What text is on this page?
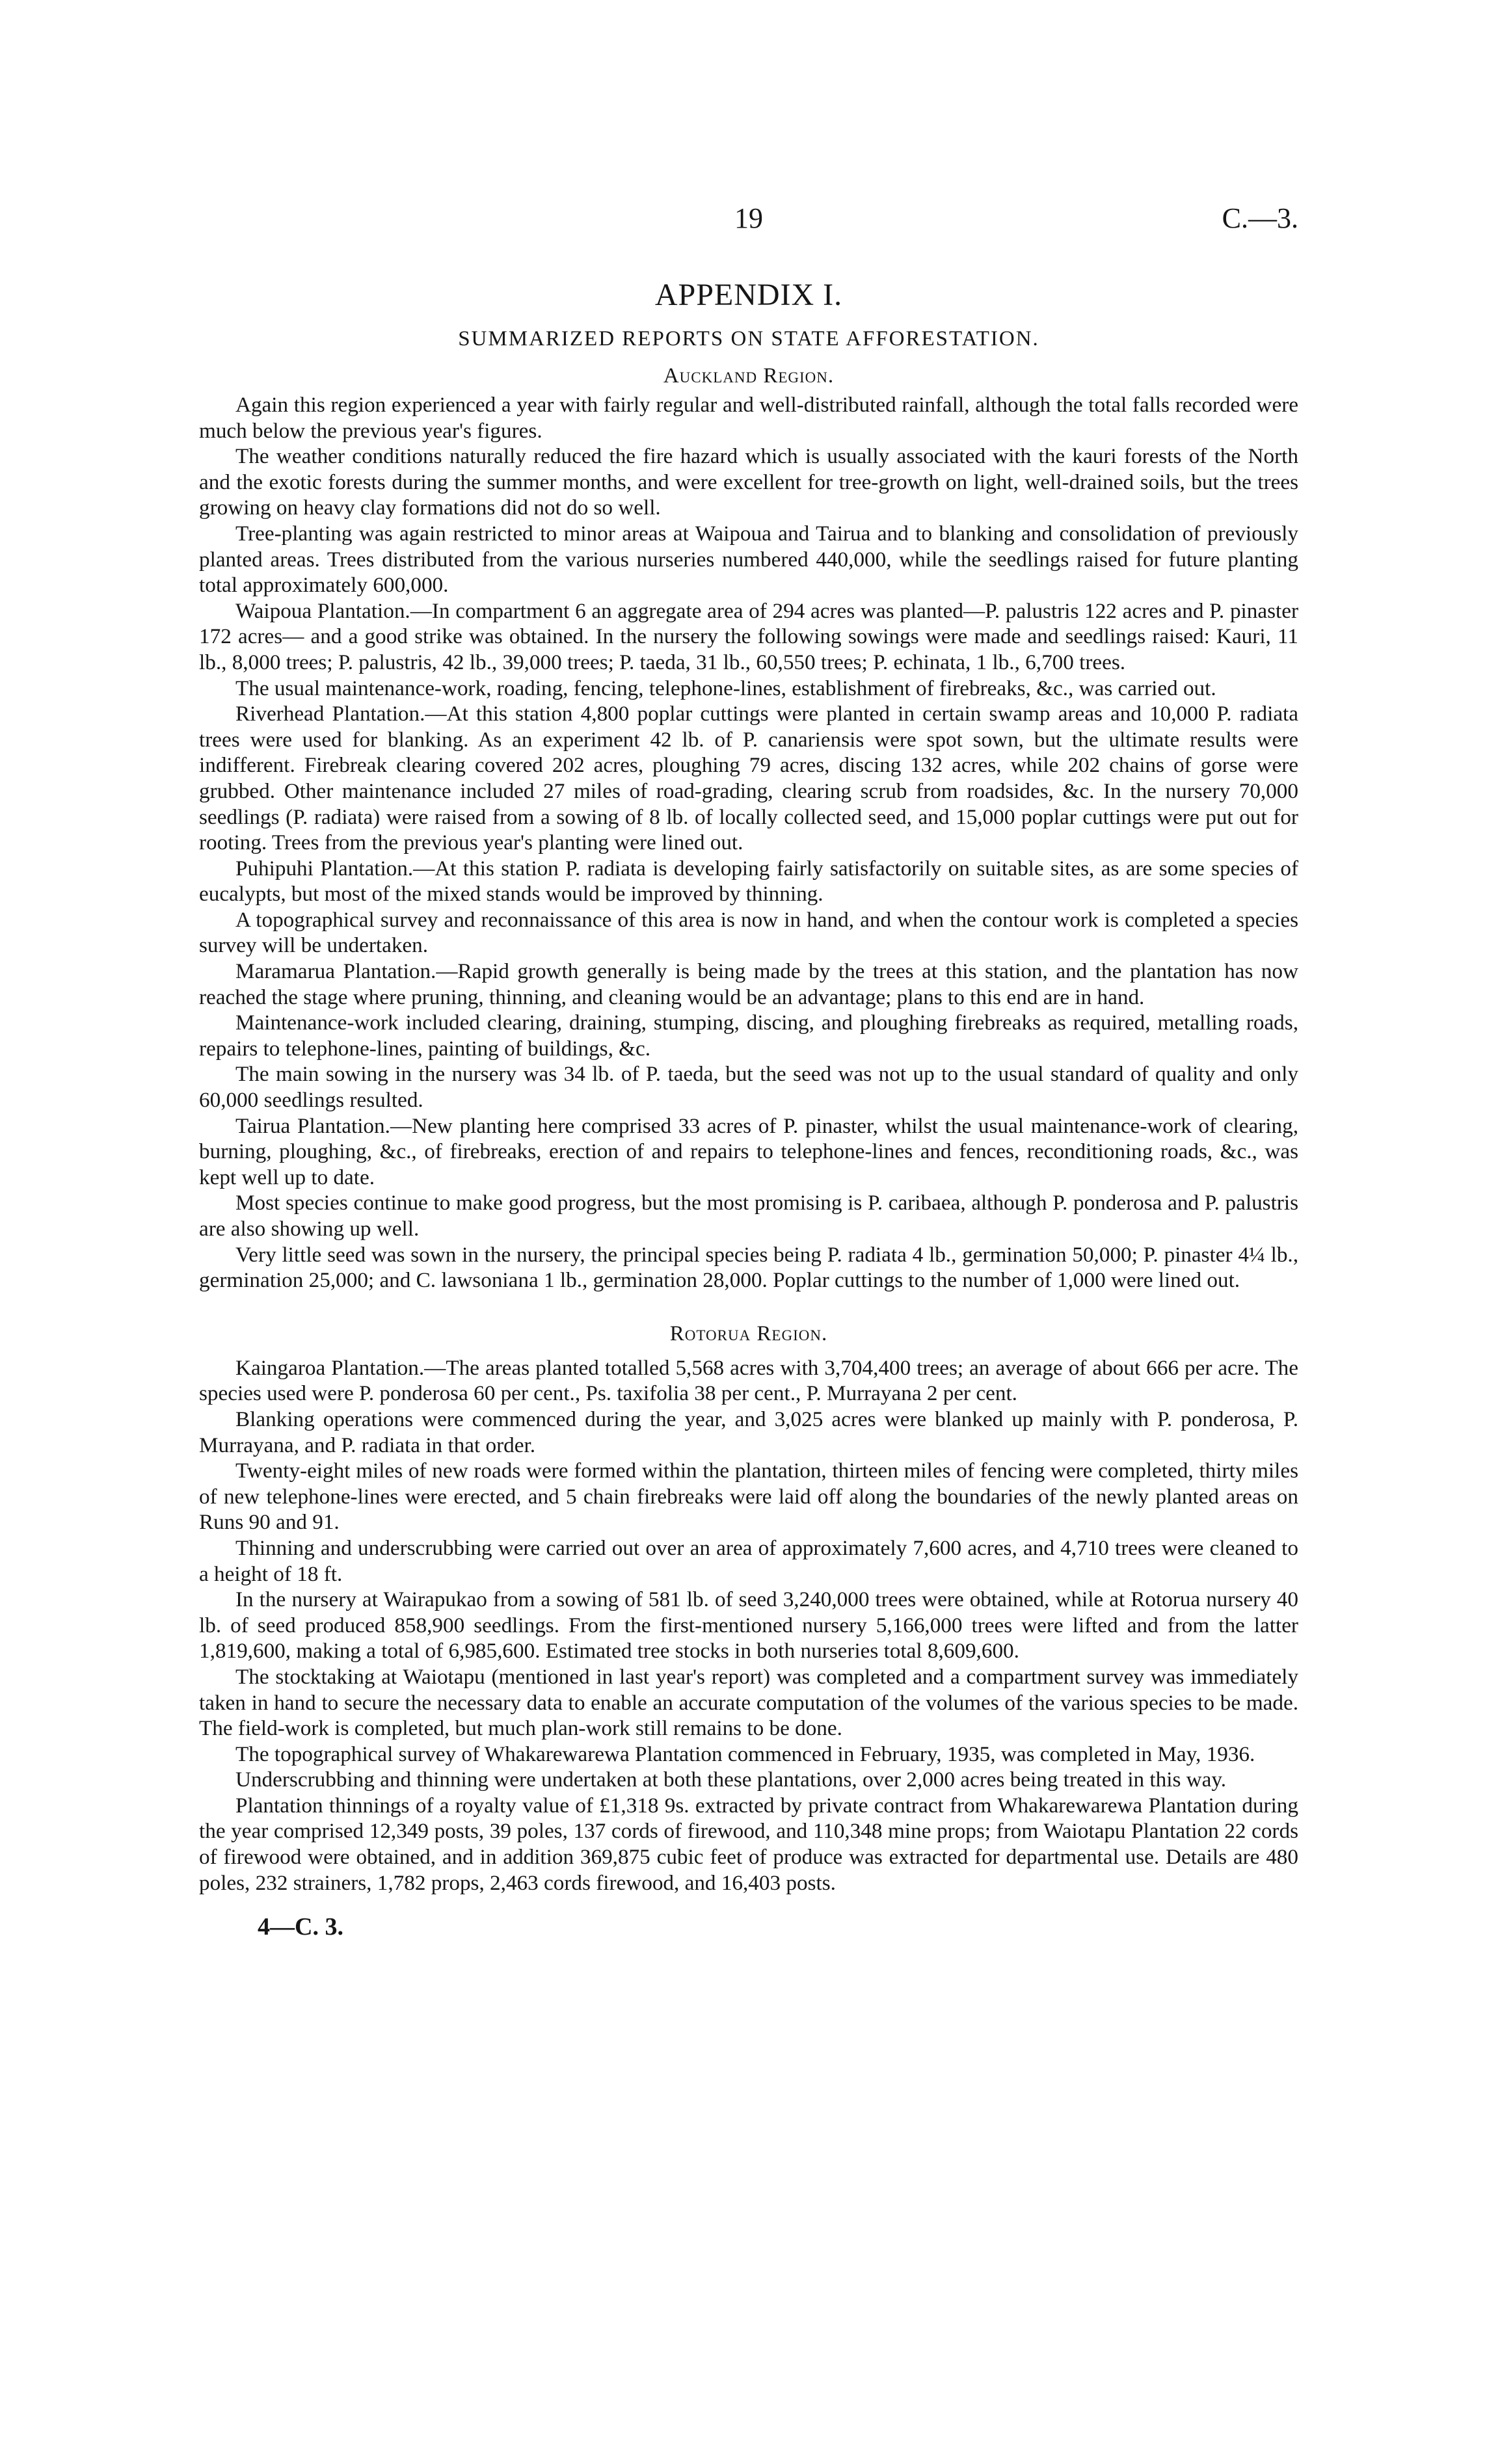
19	C.—3.
APPENDIX I.
SUMMARIZED REPORTS ON STATE AFFORESTATION.
Auckland Region.

Again this region experienced a year with fairly regular and well-distributed rainfall, although the total falls recorded were much below the previous year's figures.

The weather conditions naturally reduced the fire hazard which is usually associated with the kauri forests of the North and the exotic forests during the summer months, and were excellent for tree-growth on light, well-drained soils, but the trees growing on heavy clay formations did not do so well.

Tree-planting was again restricted to minor areas at Waipoua and Tairua and to blanking and consolidation of previously planted areas. Trees distributed from the various nurseries numbered 440,000, while the seedlings raised for future planting total approximately 600,000.

Waipoua Plantation.—In compartment 6 an aggregate area of 294 acres was planted—P. palustris 122 acres and P. pinaster 172 acres— and a good strike was obtained. In the nursery the following sowings were made and seedlings raised: Kauri, 11 lb., 8,000 trees; P. palustris, 42 lb., 39,000 trees; P. taeda, 31 lb., 60,550 trees; P. echinata, 1 lb., 6,700 trees.

The usual maintenance-work, roading, fencing, telephone-lines, establishment of firebreaks, &c., was carried out.

Riverhead Plantation.—At this station 4,800 poplar cuttings were planted in certain swamp areas and 10,000 P. radiata trees were used for blanking. As an experiment 42 lb. of P. canariensis were spot sown, but the ultimate results were indifferent. Firebreak clearing covered 202 acres, ploughing 79 acres, discing 132 acres, while 202 chains of gorse were grubbed. Other maintenance included 27 miles of road-grading, clearing scrub from roadsides, &c. In the nursery 70,000 seedlings (P. radiata) were raised from a sowing of 8 lb. of locally collected seed, and 15,000 poplar cuttings were put out for rooting. Trees from the previous year's planting were lined out.

Puhipuhi Plantation.—At this station P. radiata is developing fairly satisfactorily on suitable sites, as are some species of eucalypts, but most of the mixed stands would be improved by thinning.

A topographical survey and reconnaissance of this area is now in hand, and when the contour work is completed a species survey will be undertaken.

Maramarua Plantation.—Rapid growth generally is being made by the trees at this station, and the plantation has now reached the stage where pruning, thinning, and cleaning would be an advantage; plans to this end are in hand.

Maintenance-work included clearing, draining, stumping, discing, and ploughing firebreaks as required, metalling roads, repairs to telephone-lines, painting of buildings, &c.

The main sowing in the nursery was 34 lb. of P. taeda, but the seed was not up to the usual standard of quality and only 60,000 seedlings resulted.

Tairua Plantation.—New planting here comprised 33 acres of P. pinaster, whilst the usual maintenance-work of clearing, burning, ploughing, &c., of firebreaks, erection of and repairs to telephone-lines and fences, reconditioning roads, &c., was kept well up to date.

Most species continue to make good progress, but the most promising is P. caribaea, although P. ponderosa and P. palustris are also showing up well.

Very little seed was sown in the nursery, the principal species being P. radiata 4 lb., germination 50,000; P. pinaster 4¼ lb., germination 25,000; and C. lawsoniana 1 lb., germination 28,000. Poplar cuttings to the number of 1,000 were lined out.

Rotorua Region.

Kaingaroa Plantation.—The areas planted totalled 5,568 acres with 3,704,400 trees; an average of about 666 per acre. The species used were P. ponderosa 60 per cent., Ps. taxifolia 38 per cent., P. Murrayana 2 per cent.

Blanking operations were commenced during the year, and 3,025 acres were blanked up mainly with P. ponderosa, P. Murrayana, and P. radiata in that order.

Twenty-eight miles of new roads were formed within the plantation, thirteen miles of fencing were completed, thirty miles of new telephone-lines were erected, and 5 chain firebreaks were laid off along the boundaries of the newly planted areas on Runs 90 and 91.

Thinning and underscrubbing were carried out over an area of approximately 7,600 acres, and 4,710 trees were cleaned to a height of 18 ft.

In the nursery at Wairapukao from a sowing of 581 lb. of seed 3,240,000 trees were obtained, while at Rotorua nursery 40 lb. of seed produced 858,900 seedlings. From the first-mentioned nursery 5,166,000 trees were lifted and from the latter 1,819,600, making a total of 6,985,600. Estimated tree stocks in both nurseries total 8,609,600.

The stocktaking at Waiotapu (mentioned in last year's report) was completed and a compartment survey was immediately taken in hand to secure the necessary data to enable an accurate computation of the volumes of the various species to be made. The field-work is completed, but much plan-work still remains to be done.

The topographical survey of Whakarewarewa Plantation commenced in February, 1935, was completed in May, 1936.

Underscrubbing and thinning were undertaken at both these plantations, over 2,000 acres being treated in this way.

Plantation thinnings of a royalty value of £1,318 9s. extracted by private contract from Whakarewarewa Plantation during the year comprised 12,349 posts, 39 poles, 137 cords of firewood, and 110,348 mine props; from Waiotapu Plantation 22 cords of firewood were obtained, and in addition 369,875 cubic feet of produce was extracted for departmental use. Details are 480 poles, 232 strainers, 1,782 props, 2,463 cords firewood, and 16,403 posts.

4—C. 3.
